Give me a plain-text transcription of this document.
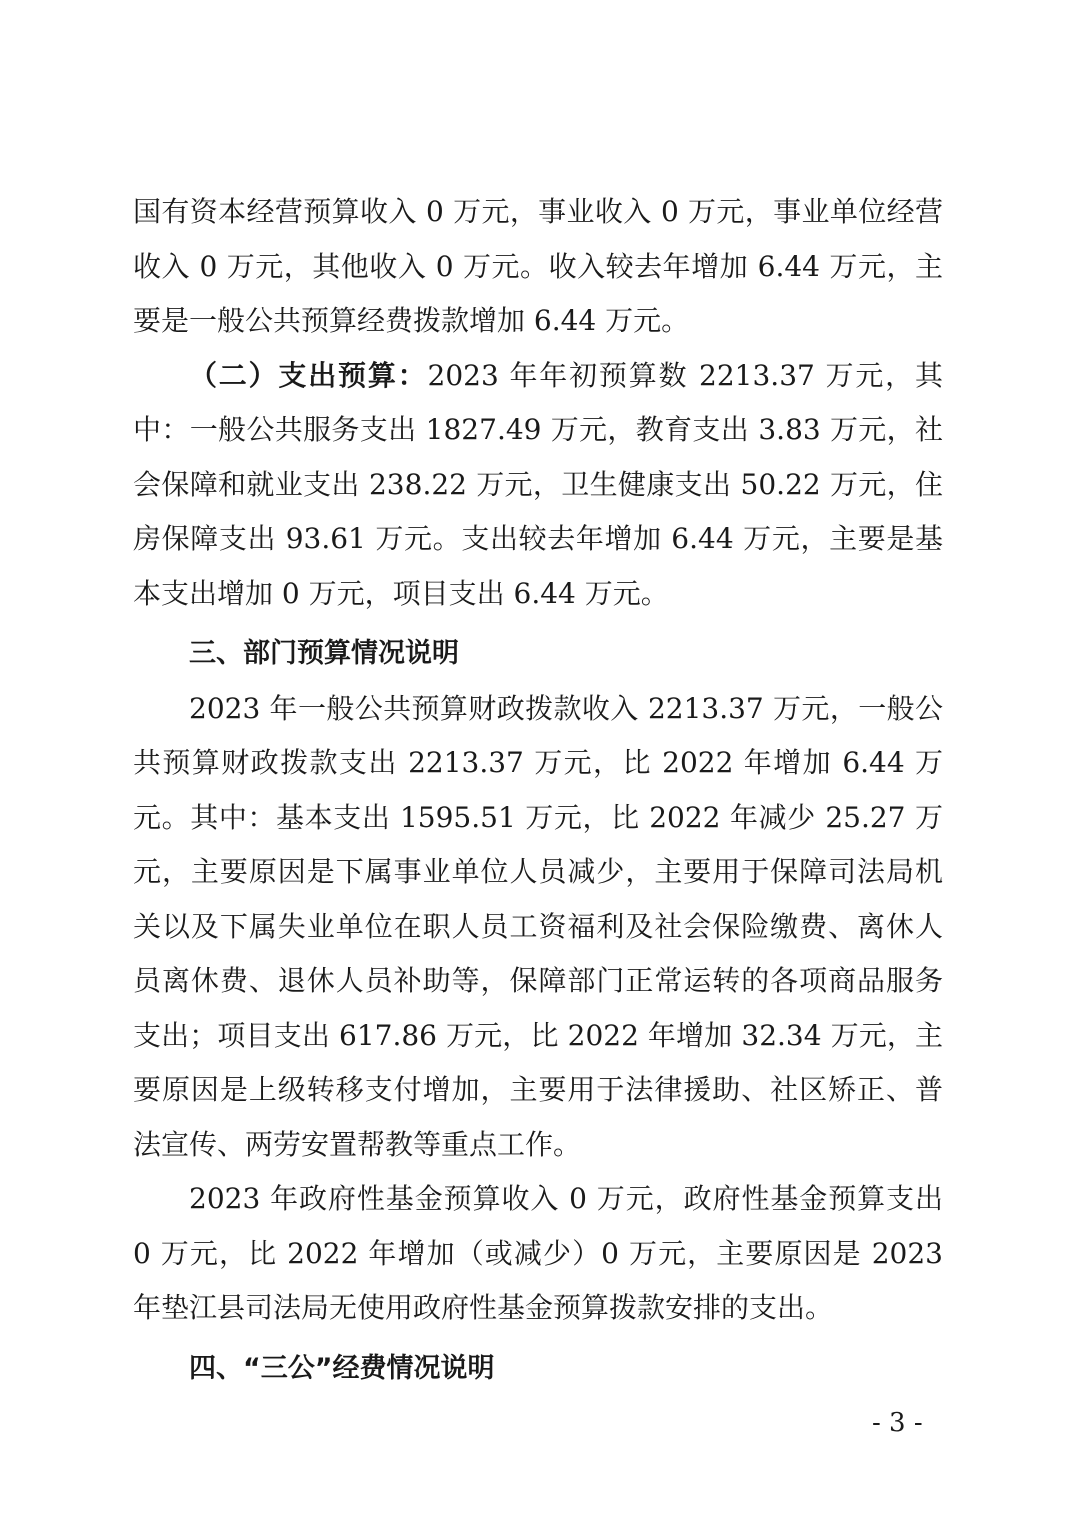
国有资本经营预算收入 0 万元，事业收入 0 万元，事业单位经营收入 0 万元，其他收入 0 万元。收入较去年增加 6.44 万元，主要是一般公共预算经费拨款增加 6.44 万元。

（二）支出预算：2023 年年初预算数 2213.37 万元，其中：一般公共服务支出 1827.49 万元，教育支出 3.83 万元，社会保障和就业支出 238.22 万元，卫生健康支出 50.22 万元，住房保障支出 93.61 万元。支出较去年增加 6.44 万元，主要是基本支出增加 0 万元，项目支出 6.44 万元。

三、部门预算情况说明

2023 年一般公共预算财政拨款收入 2213.37 万元，一般公共预算财政拨款支出 2213.37 万元，比 2022 年增加 6.44 万元。其中：基本支出 1595.51 万元，比 2022 年减少 25.27 万元，主要原因是下属事业单位人员减少，主要用于保障司法局机关以及下属失业单位在职人员工资福利及社会保险缴费、离休人员离休费、退休人员补助等，保障部门正常运转的各项商品服务支出；项目支出 617.86 万元，比 2022 年增加 32.34 万元，主要原因是上级转移支付增加，主要用于法律援助、社区矫正、普法宣传、两劳安置帮教等重点工作。

2023 年政府性基金预算收入 0 万元，政府性基金预算支出 0 万元，比 2022 年增加（或减少）0 万元，主要原因是 2023 年垫江县司法局无使用政府性基金预算拨款安排的支出。

四、“三公”经费情况说明

- 3 -
